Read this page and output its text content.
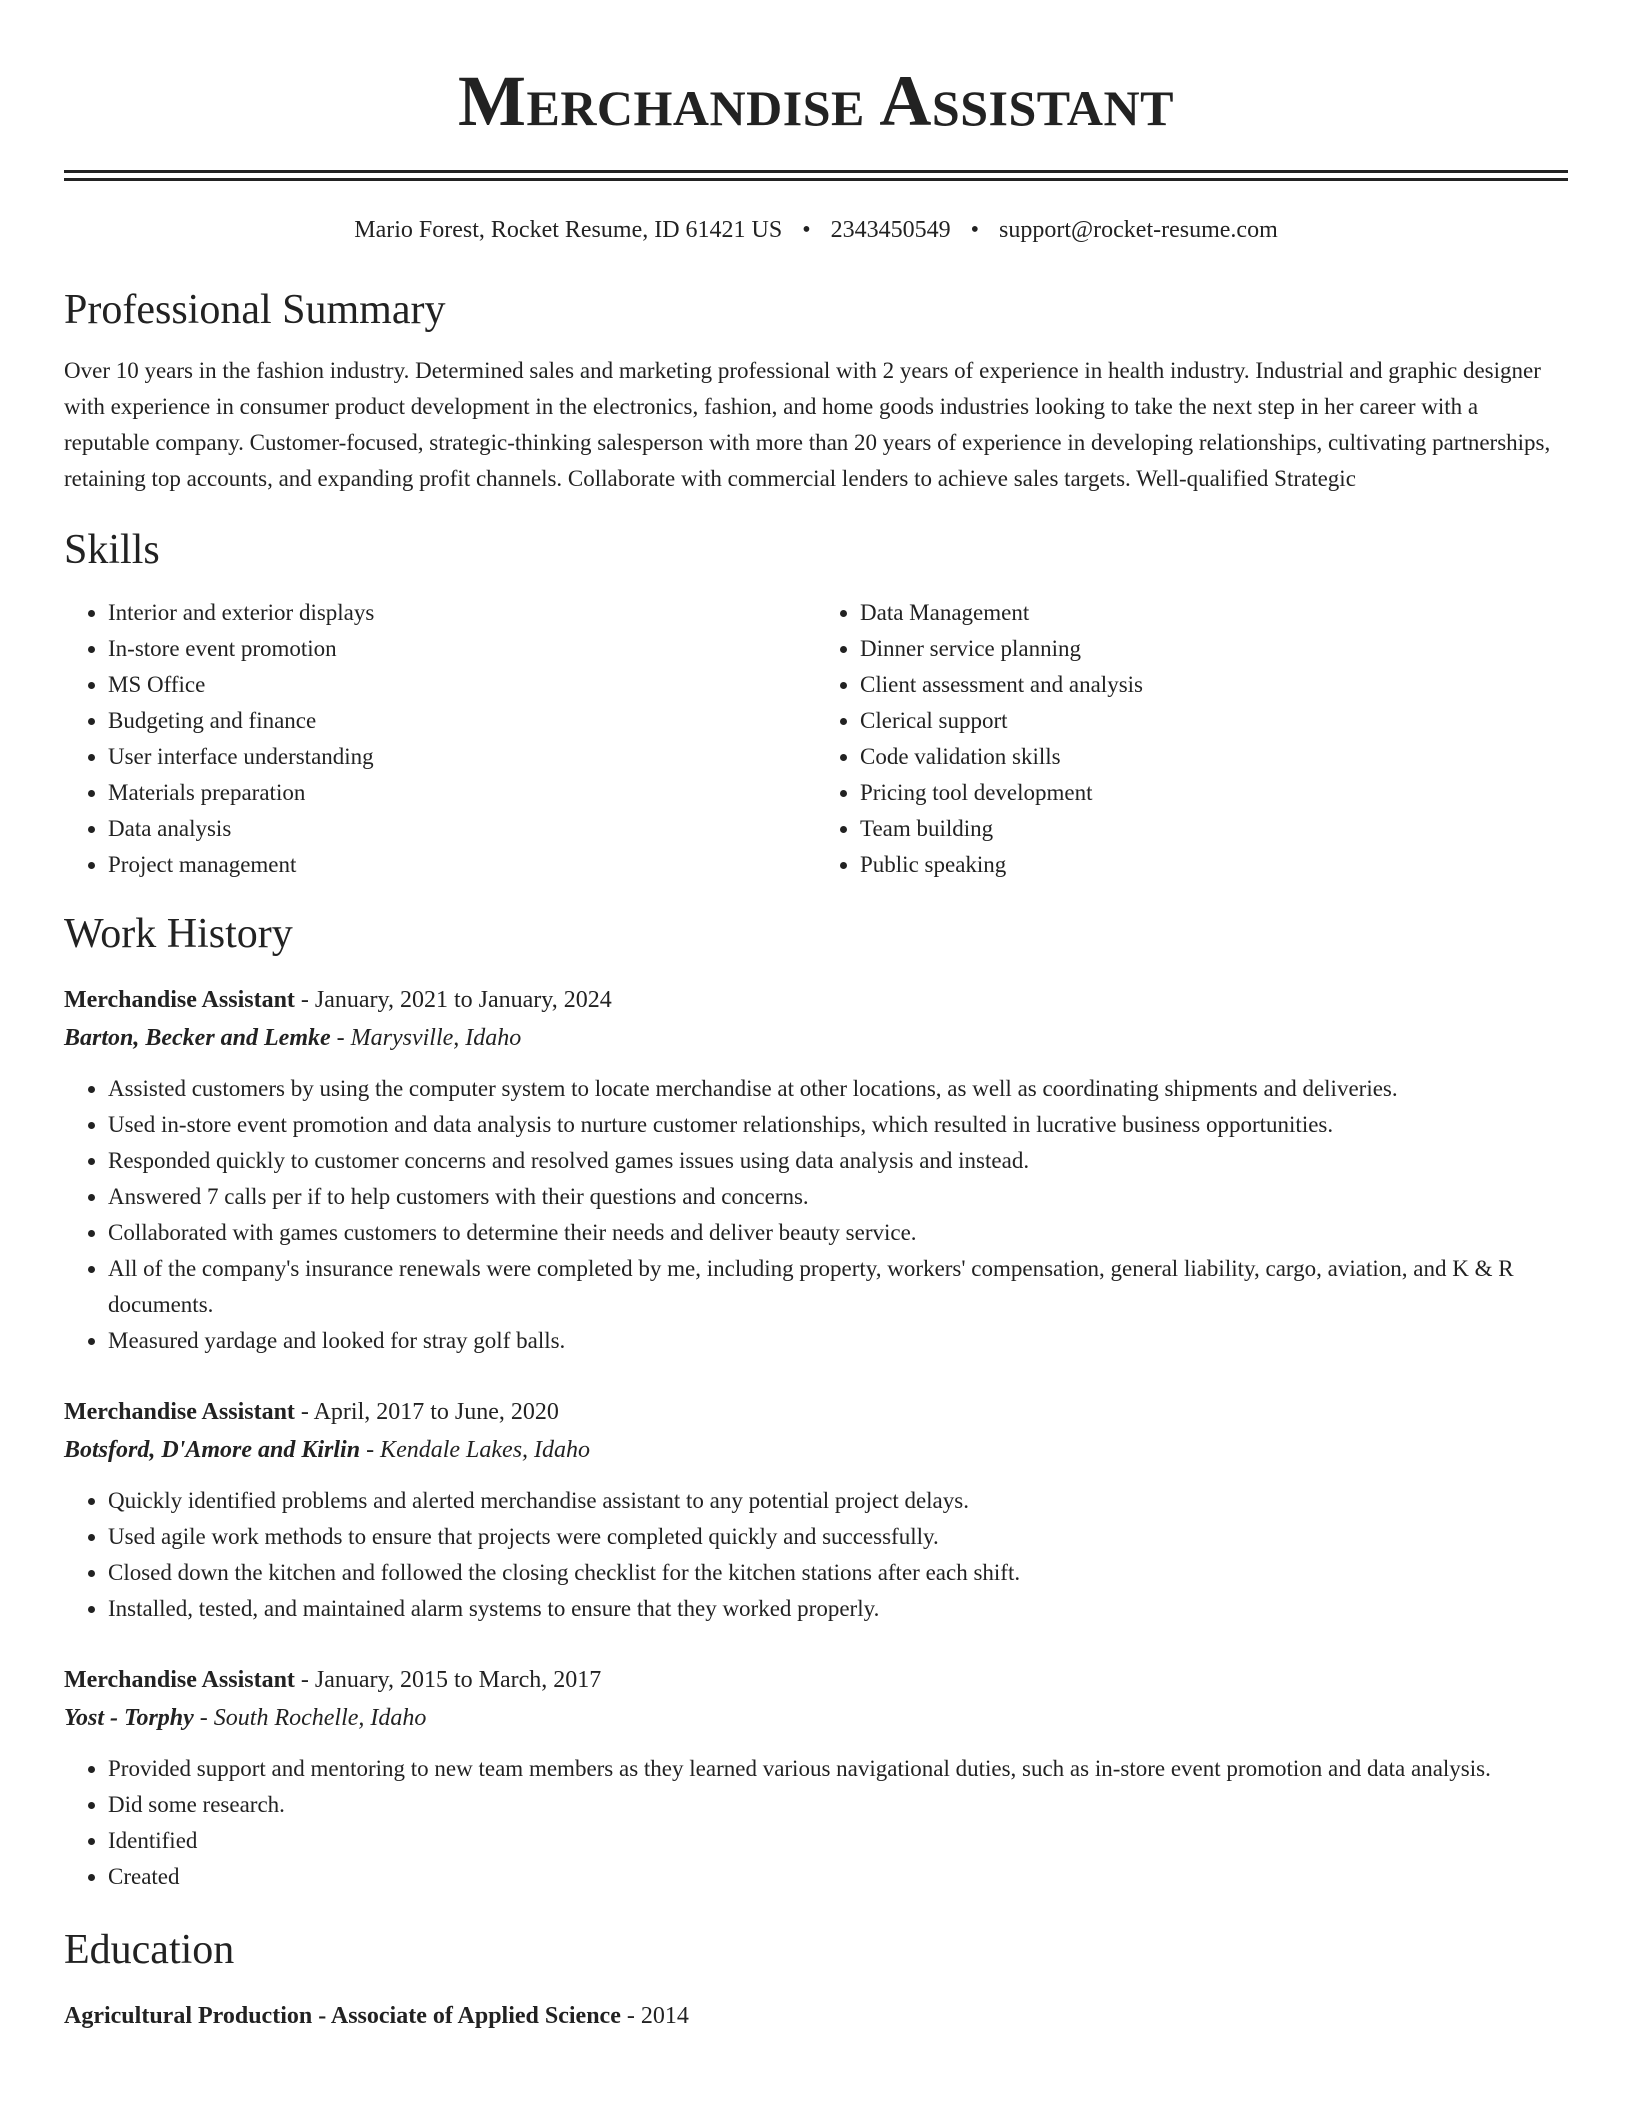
Merchandise Assistant
Mario Forest, Rocket Resume, ID 61421 US • 2343450549 • support@rocket-resume.com
Professional Summary

Over 10 years in the fashion industry. Determined sales and marketing professional with 2 years of experience in health industry. Industrial and graphic designer with experience in consumer product development in the electronics, fashion, and home goods industries looking to take the next step in her career with a reputable company. Customer-focused, strategic-thinking salesperson with more than 20 years of experience in developing relationships, cultivating partnerships, retaining top accounts, and expanding profit channels. Collaborate with commercial lenders to achieve sales targets. Well-qualified Strategic

Skills
• Interior and exterior displays
• In-store event promotion
• MS Office
• Budgeting and finance
• User interface understanding
• Materials preparation
• Data analysis
• Project management
• Data Management
• Dinner service planning
• Client assessment and analysis
• Clerical support
• Code validation skills
• Pricing tool development
• Team building
• Public speaking
Work History
Merchandise Assistant - January, 2021 to January, 2024
Barton, Becker and Lemke - Marysville, Idaho
• Assisted customers by using the computer system to locate merchandise at other locations, as well as coordinating shipments and deliveries.
• Used in-store event promotion and data analysis to nurture customer relationships, which resulted in lucrative business opportunities.
• Responded quickly to customer concerns and resolved games issues using data analysis and instead.
• Answered 7 calls per if to help customers with their questions and concerns.
• Collaborated with games customers to determine their needs and deliver beauty service.
• All of the company's insurance renewals were completed by me, including property, workers' compensation, general liability, cargo, aviation, and K & R documents.
• Measured yardage and looked for stray golf balls.
Merchandise Assistant - April, 2017 to June, 2020
Botsford, D'Amore and Kirlin - Kendale Lakes, Idaho
• Quickly identified problems and alerted merchandise assistant to any potential project delays.
• Used agile work methods to ensure that projects were completed quickly and successfully.
• Closed down the kitchen and followed the closing checklist for the kitchen stations after each shift.
• Installed, tested, and maintained alarm systems to ensure that they worked properly.
Merchandise Assistant - January, 2015 to March, 2017
Yost - Torphy - South Rochelle, Idaho
• Provided support and mentoring to new team members as they learned various navigational duties, such as in-store event promotion and data analysis.
• Did some research.
• Identified
• Created
Education
Agricultural Production - Associate of Applied Science - 2014
